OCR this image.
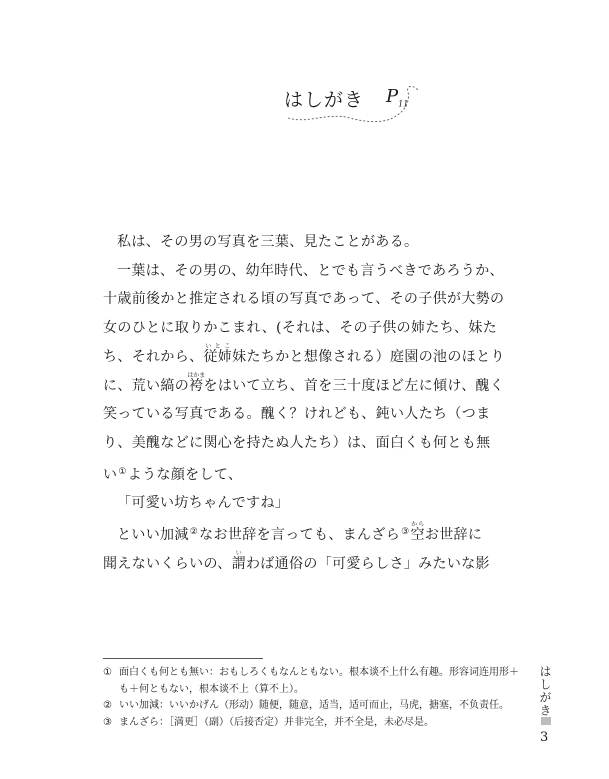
はしがき $P_{11}$

私は、その男の写真を三葉、見たことがある。

一葉は、その男の、幼年時代、とでも言うべきであろうか、

十歳前後かと推定される頃の写真であって、その子供が大勢の

女のひとに取りかこまれ、(それは、その子供の姉たち、妹た

ち、それから、従姉いとこ妹たちかと想像される）庭園の池のほとり

に、荒い縞の袴はかまをはいて立ち、首を三十度ほど左に傾け、醜く

笑っている写真である。醜く？けれども、鈍い人たち（つま

り、美醜などに関心を持たぬ人たち）は、面白くも何とも無

い①ような顔をして、

「可愛い坊ちゃんですね」

といい加減②なお世辞を言っても、まんざら③空からお世辞に

聞えないくらいの、謂いわば通俗の「可愛らしさ」みたいな影

① 面白くも何とも無い：おもしろくもなんともない。根本谈不上什么有趣。形容词连用形＋も＋何ともない，根本谈不上（算不上）。
② いい加減：いいかげん（形动）随便，随意，适当，适可而止，马虎，搪塞，不负责任。
③ まんざら：［満更］（副）（后接否定）并非完全，并不全是，未必尽是。
はしがき
3
